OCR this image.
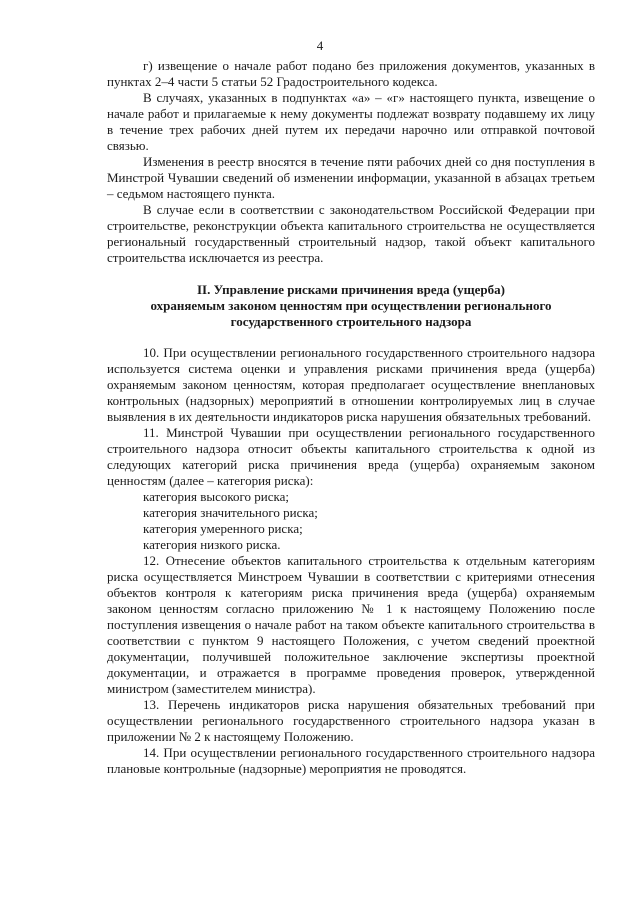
4

г) извещение о начале работ подано без приложения документов, указанных в пунктах 2–4 части 5 статьи 52 Градостроительного кодекса.

В случаях, указанных в подпунктах «а» – «г» настоящего пункта, извещение о начале работ и прилагаемые к нему документы подлежат возврату подавшему их лицу в течение трех рабочих дней путем их передачи нарочно или отправкой почтовой связью.

Изменения в реестр вносятся в течение пяти рабочих дней со дня поступления в Минстрой Чувашии сведений об изменении информации, указанной в абзацах третьем – седьмом настоящего пункта.

В случае если в соответствии с законодательством Российской Федерации при строительстве, реконструкции объекта капитального строительства не осуществляется региональный государственный строительный надзор, такой объект капитального строительства исключается из реестра.

II. Управление рисками причинения вреда (ущерба)
охраняемым законом ценностям при осуществлении регионального
государственного строительного надзора

10. При осуществлении регионального государственного строительного надзора используется система оценки и управления рисками причинения вреда (ущерба) охраняемым законом ценностям, которая предполагает осуществление внеплановых контрольных (надзорных) мероприятий в отношении контролируемых лиц в случае выявления в их деятельности индикаторов риска нарушения обязательных требований.

11. Минстрой Чувашии при осуществлении регионального государственного строительного надзора относит объекты капитального строительства к одной из следующих категорий риска причинения вреда (ущерба) охраняемым законом ценностям (далее – категория риска):

категория высокого риска;

категория значительного риска;

категория умеренного риска;

категория низкого риска.

12. Отнесение объектов капитального строительства к отдельным категориям риска осуществляется Минстроем Чувашии в соответствии с критериями отнесения объектов контроля к категориям риска причинения вреда (ущерба) охраняемым законом ценностям согласно приложению № 1 к настоящему Положению после поступления извещения о начале работ на таком объекте капитального строительства в соответствии с пунктом 9 настоящего Положения, с учетом сведений проектной документации, получившей положительное заключение экспертизы проектной документации, и отражается в программе проведения проверок, утвержденной министром (заместителем министра).

13. Перечень индикаторов риска нарушения обязательных требований при осуществлении регионального государственного строительного надзора указан в приложении № 2 к настоящему Положению.

14. При осуществлении регионального государственного строительного надзора плановые контрольные (надзорные) мероприятия не проводятся.
